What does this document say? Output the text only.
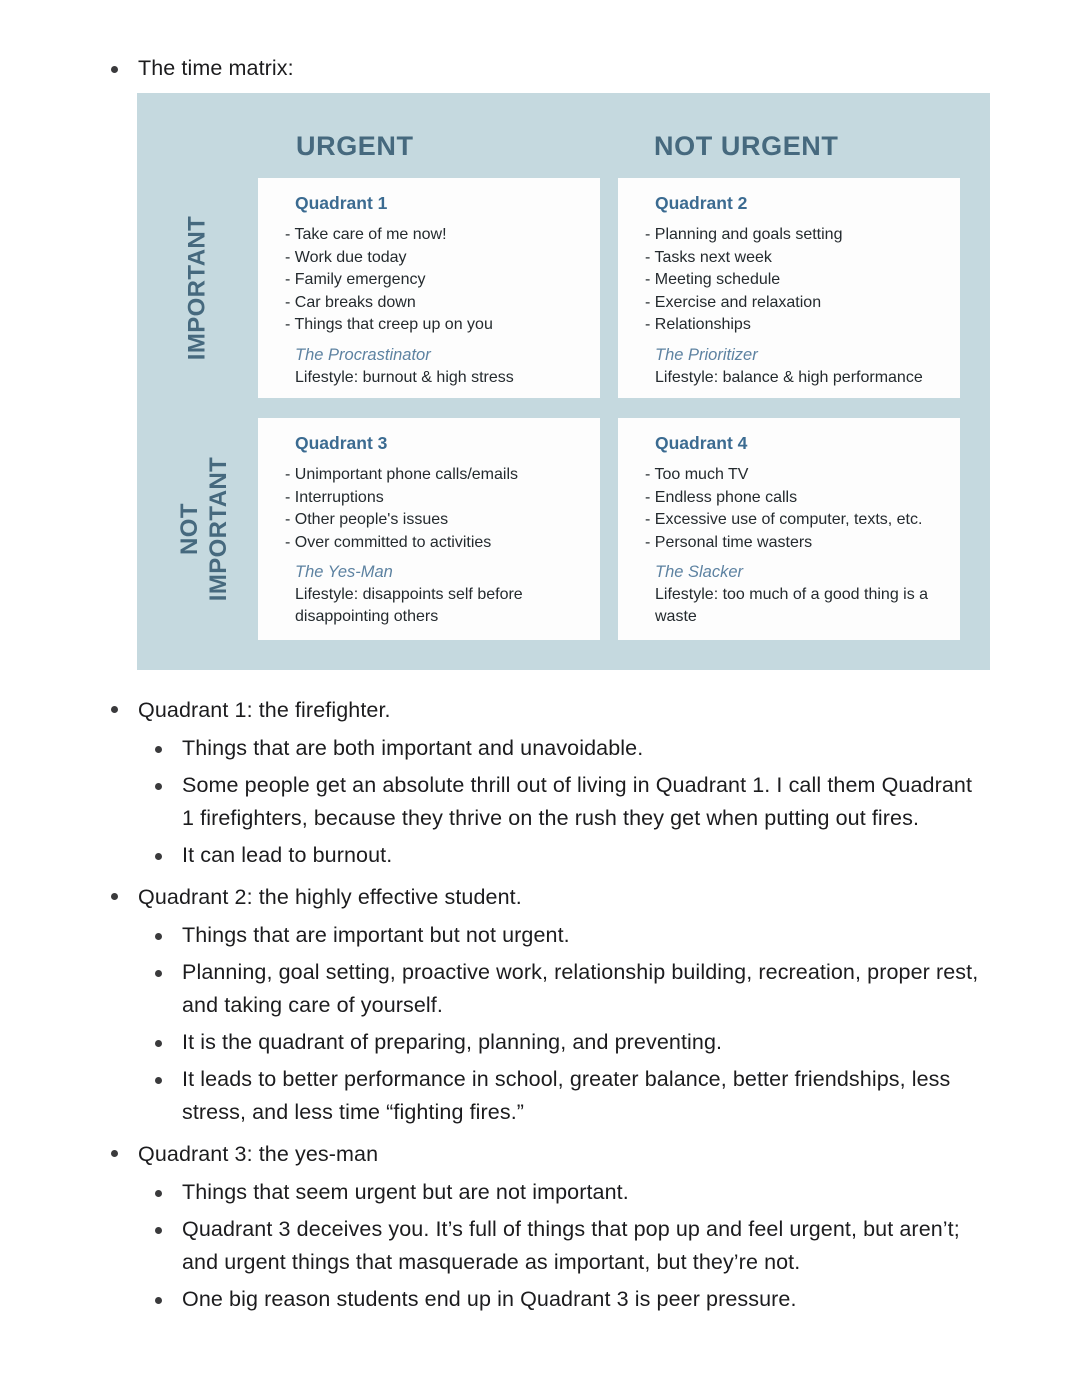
The time matrix:
URGENT	NOT URGENT
IMPORTANT
NOT IMPORTANT
Quadrant 1
- Take care of me now!
- Work due today
- Family emergency
- Car breaks down
- Things that creep up on you
The Procrastinator
Lifestyle: burnout & high stress
Quadrant 2
- Planning and goals setting
- Tasks next week
- Meeting schedule
- Exercise and relaxation
- Relationships
The Prioritizer
Lifestyle: balance & high performance
Quadrant 3
- Unimportant phone calls/emails
- Interruptions
- Other people's issues
- Over committed to activities
The Yes-Man
Lifestyle: disappoints self before disappointing others
Quadrant 4
- Too much TV
- Endless phone calls
- Excessive use of computer, texts, etc.
- Personal time wasters
The Slacker
Lifestyle: too much of a good thing is a waste
Quadrant 1: the firefighter.
Things that are both important and unavoidable.
Some people get an absolute thrill out of living in Quadrant 1. I call them Quadrant 1 firefighters, because they thrive on the rush they get when putting out fires.
It can lead to burnout.
Quadrant 2: the highly effective student.
Things that are important but not urgent.
Planning, goal setting, proactive work, relationship building, recreation, proper rest, and taking care of yourself.
It is the quadrant of preparing, planning, and preventing.
It leads to better performance in school, greater balance, better friendships, less stress, and less time “fighting fires.”
Quadrant 3: the yes-man
Things that seem urgent but are not important.
Quadrant 3 deceives you. It’s full of things that pop up and feel urgent, but aren’t; and urgent things that masquerade as important, but they’re not.
One big reason students end up in Quadrant 3 is peer pressure.
